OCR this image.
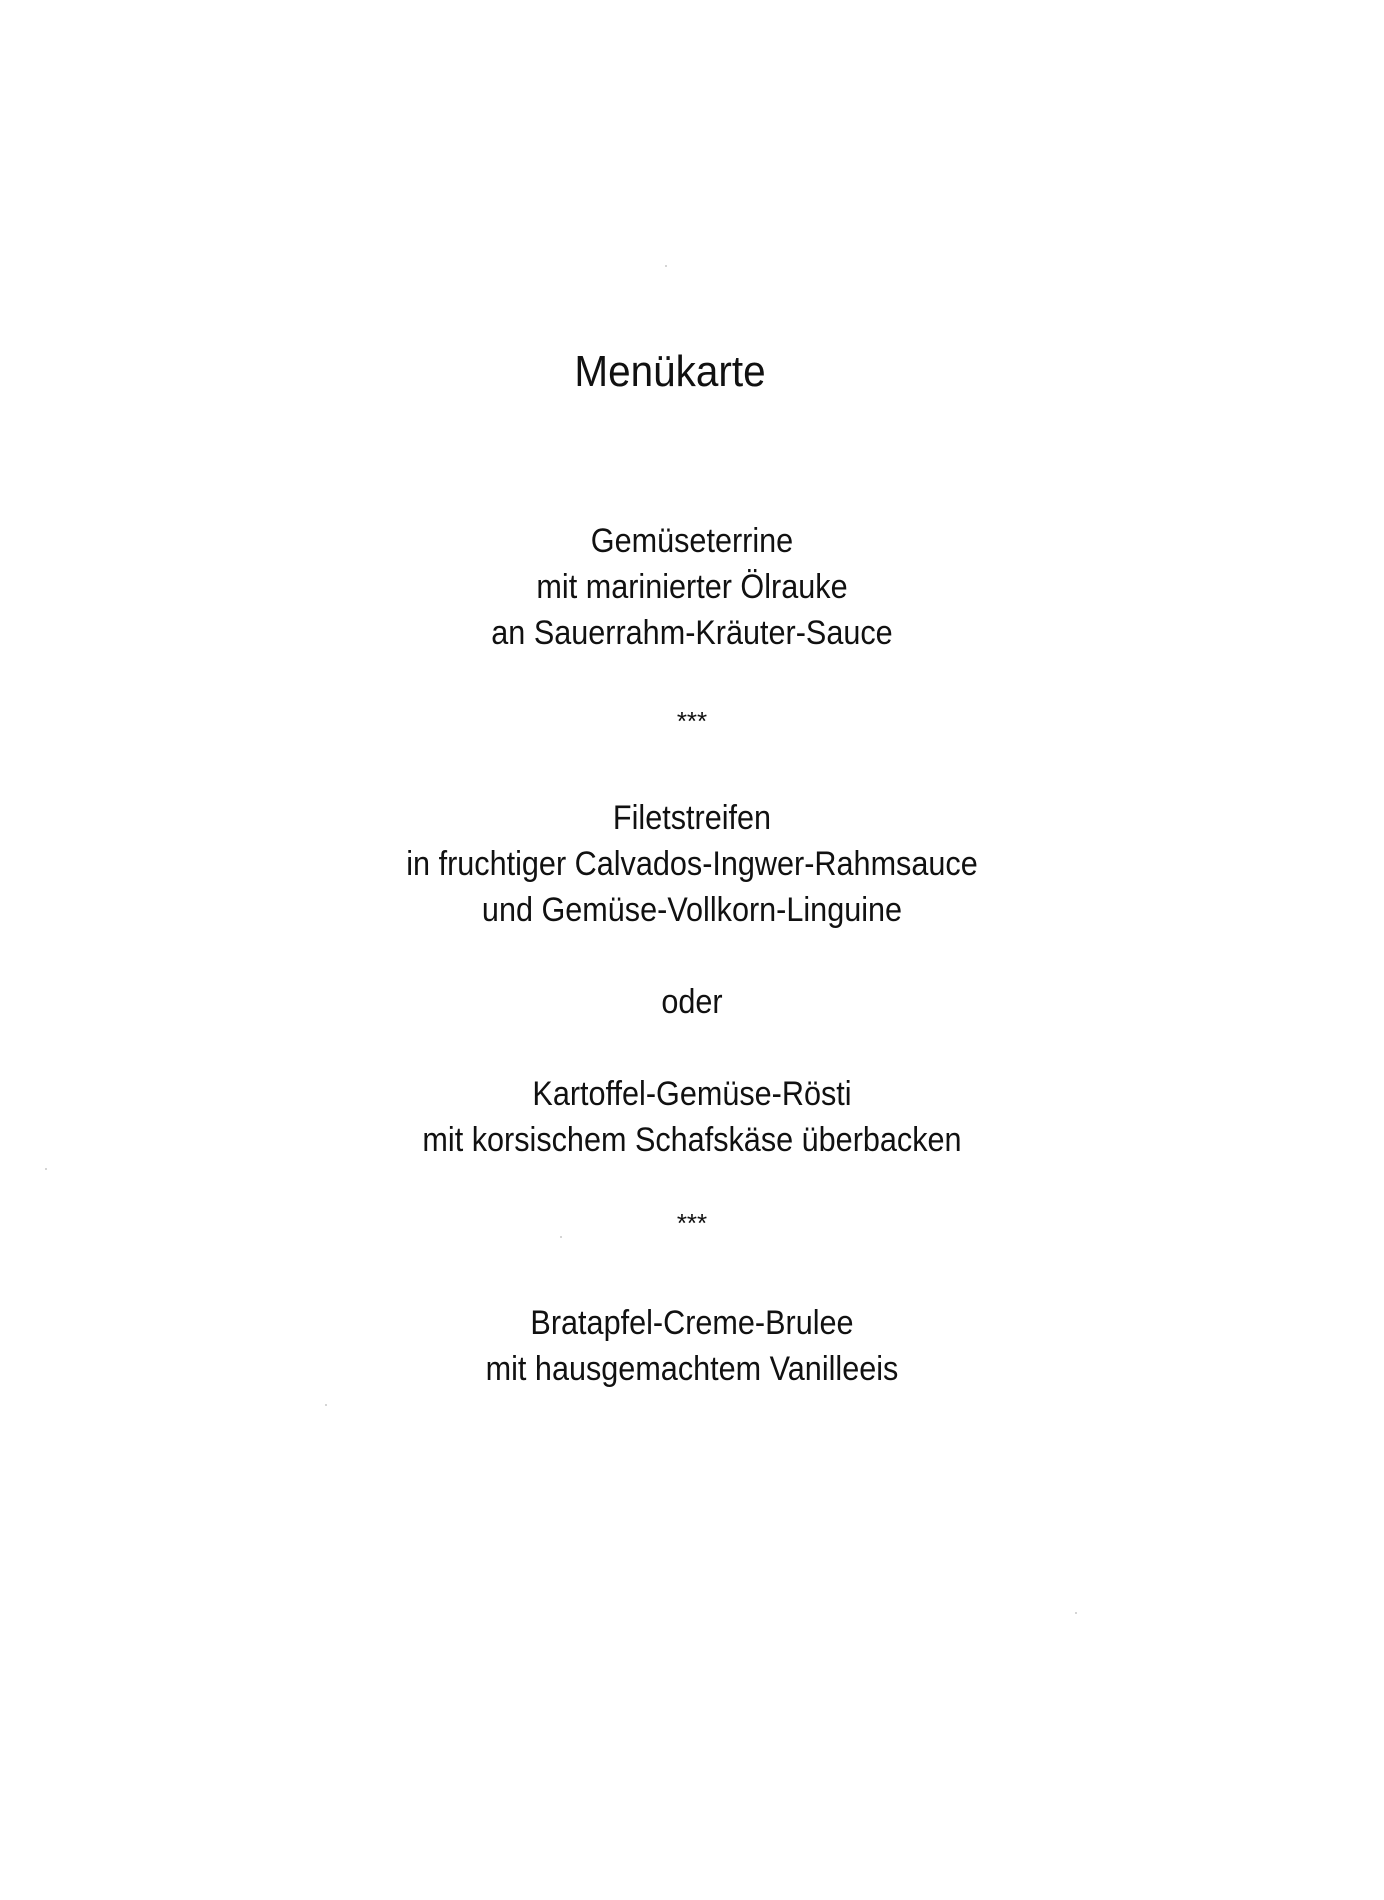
Menükarte
Gemüseterrine
mit marinierter Ölrauke
an Sauerrahm-Kräuter-Sauce
***
Filetstreifen
in fruchtiger Calvados-Ingwer-Rahmsauce
und Gemüse-Vollkorn-Linguine
oder
Kartoffel-Gemüse-Rösti
mit korsischem Schafskäse überbacken
***
Bratapfel-Creme-Brulee
mit hausgemachtem Vanilleeis
